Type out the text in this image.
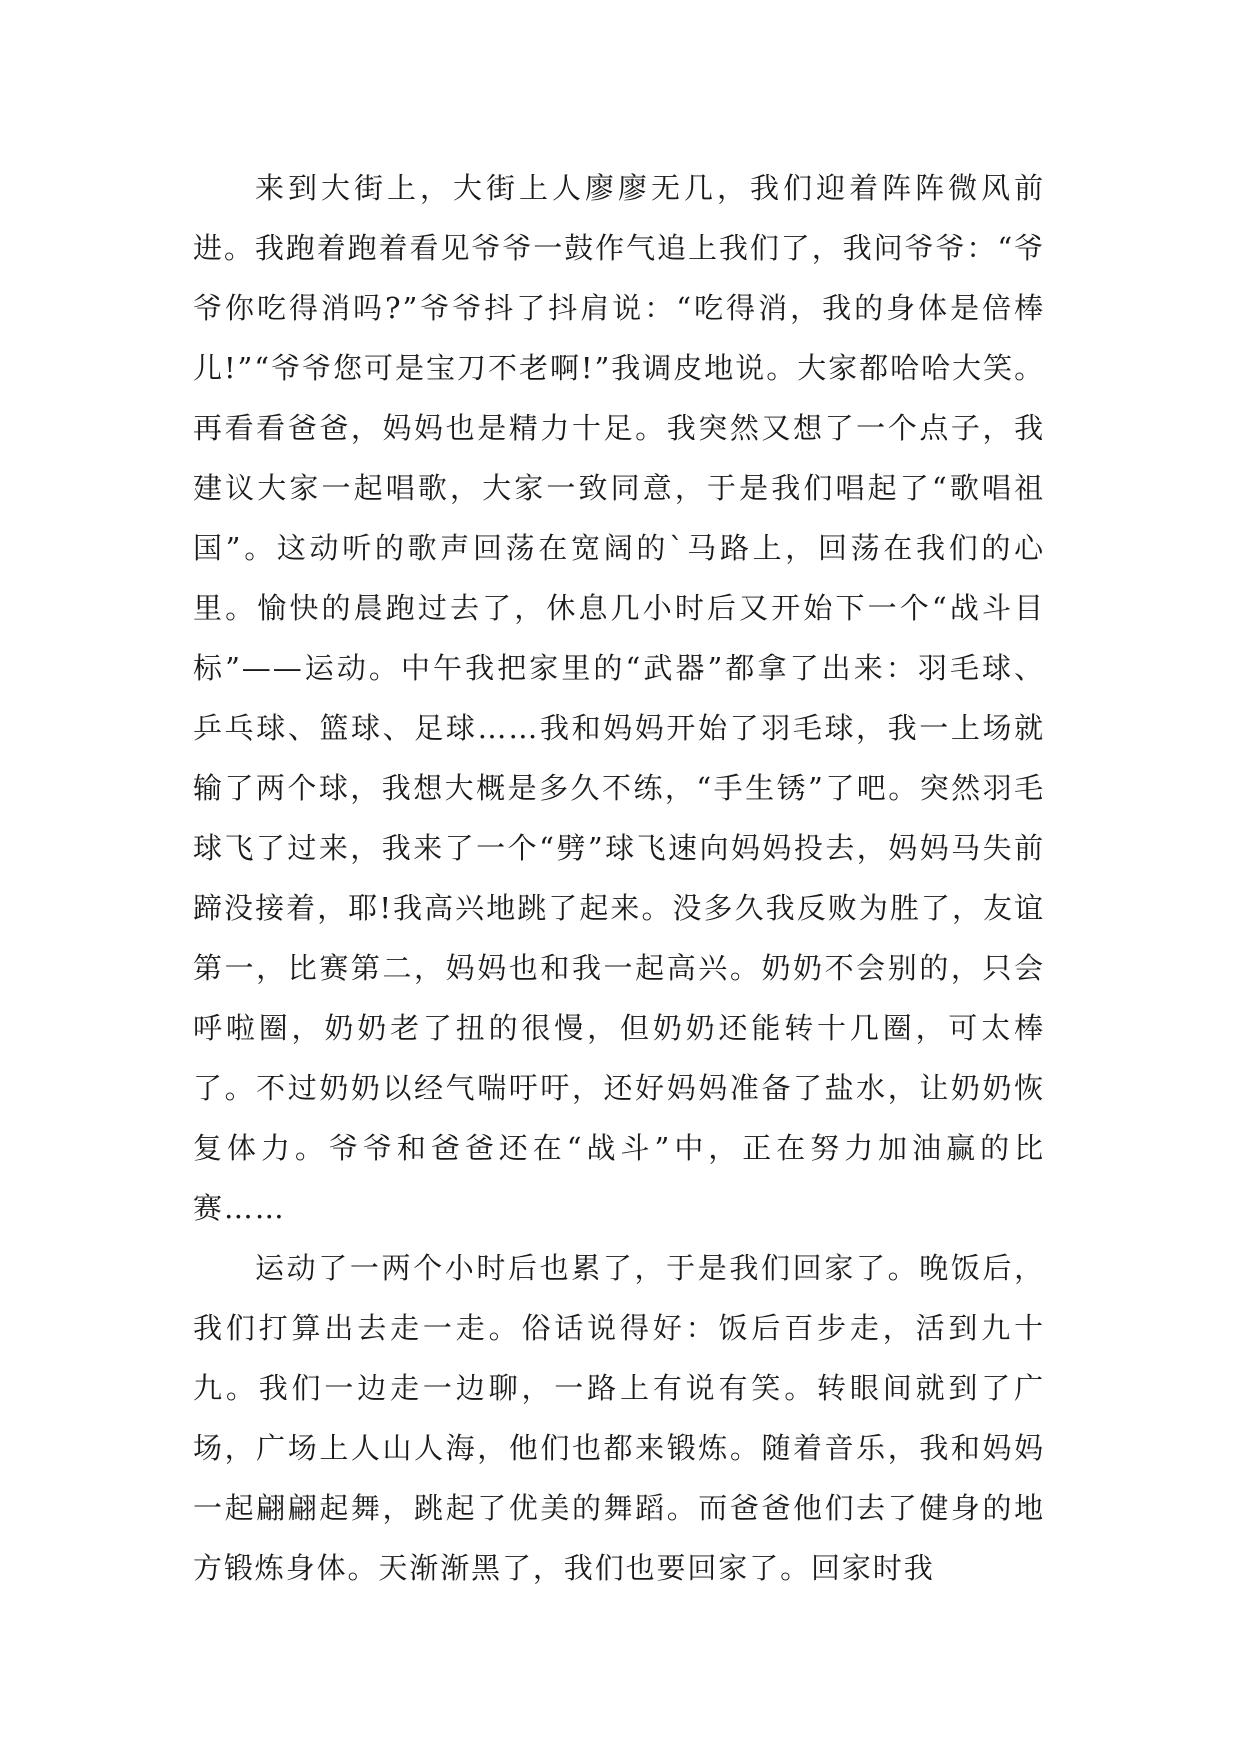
来到大街上，大街上人廖廖无几，我们迎着阵阵微风前进。我跑着跑着看见爷爷一鼓作气追上我们了，我问爷爷：“爷爷你吃得消吗?”爷爷抖了抖肩说：“吃得消，我的身体是倍棒儿!”“爷爷您可是宝刀不老啊!”我调皮地说。大家都哈哈大笑。再看看爸爸，妈妈也是精力十足。我突然又想了一个点子，我建议大家一起唱歌，大家一致同意，于是我们唱起了“歌唱祖国”。这动听的歌声回荡在宽阔的`马路上，回荡在我们的心里。愉快的晨跑过去了，休息几小时后又开始下一个“战斗目标”——运动。中午我把家里的“武器”都拿了出来：羽毛球、乒乓球、篮球、足球……我和妈妈开始了羽毛球，我一上场就输了两个球，我想大概是多久不练，“手生锈”了吧。突然羽毛球飞了过来，我来了一个“劈”球飞速向妈妈投去，妈妈马失前蹄没接着，耶!我高兴地跳了起来。没多久我反败为胜了，友谊第一，比赛第二，妈妈也和我一起高兴。奶奶不会别的，只会呼啦圈，奶奶老了扭的很慢，但奶奶还能转十几圈，可太棒了。不过奶奶以经气喘吁吁，还好妈妈准备了盐水，让奶奶恢复体力。爷爷和爸爸还在“战斗”中，正在努力加油赢的比赛……

运动了一两个小时后也累了，于是我们回家了。晚饭后，我们打算出去走一走。俗话说得好：饭后百步走，活到九十九。我们一边走一边聊，一路上有说有笑。转眼间就到了广场，广场上人山人海，他们也都来锻炼。随着音乐，我和妈妈一起翩翩起舞，跳起了优美的舞蹈。而爸爸他们去了健身的地方锻炼身体。天渐渐黑了，我们也要回家了。回家时我
